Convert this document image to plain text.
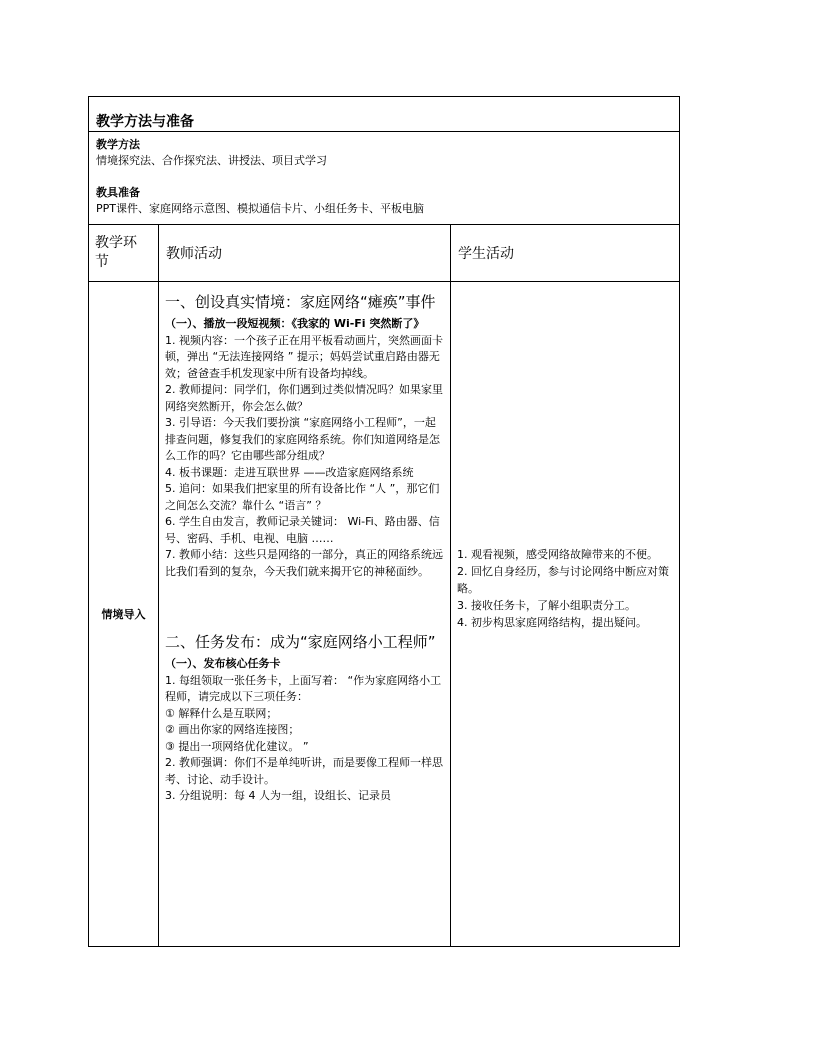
教学方法与准备

教学方法

情境探究法、合作探究法、讲授法、项目式学习

教具准备

PPT课件、家庭网络示意图、模拟通信卡片、小组任务卡、平板电脑

教学环节	教师活动	学生活动
情境导入

一、创设真实情境：家庭网络“瘫痪”事件

（一）、播放一段短视频：《我家的 Wi-Fi 突然断了》

1. 视频内容：一个孩子正在用平板看动画片，突然画面卡顿，弹出 “无法连接网络 ” 提示；妈妈尝试重启路由器无效；爸爸查手机发现家中所有设备均掉线。

2. 教师提问：同学们，你们遇到过类似情况吗？如果家里网络突然断开，你会怎么做？

3. 引导语：今天我们要扮演 “家庭网络小工程师”，一起排查问题，修复我们的家庭网络系统。你们知道网络是怎么工作的吗？它由哪些部分组成？

4. 板书课题：走进互联世界 ——改造家庭网络系统

5. 追问：如果我们把家里的所有设备比作 “人 ”，那它们之间怎么交流？靠什么 “语言” ？

6. 学生自由发言，教师记录关键词： Wi-Fi、路由器、信号、密码、手机、电视、电脑 ……

7. 教师小结：这些只是网络的一部分，真正的网络系统远比我们看到的复杂，今天我们就来揭开它的神秘面纱。

二、任务发布：成为“家庭网络小工程师”

（一）、发布核心任务卡

1. 每组领取一张任务卡，上面写着： “作为家庭网络小工程师，请完成以下三项任务：

① 解释什么是互联网；

② 画出你家的网络连接图；

③ 提出一项网络优化建议。 ”

2. 教师强调：你们不是单纯听讲，而是要像工程师一样思考、讨论、动手设计。

3. 分组说明：每 4 人为一组，设组长、记录员

1. 观看视频，感受网络故障带来的不便。

2. 回忆自身经历，参与讨论网络中断应对策略。

3. 接收任务卡，了解小组职责分工。

4. 初步构思家庭网络结构，提出疑问。
